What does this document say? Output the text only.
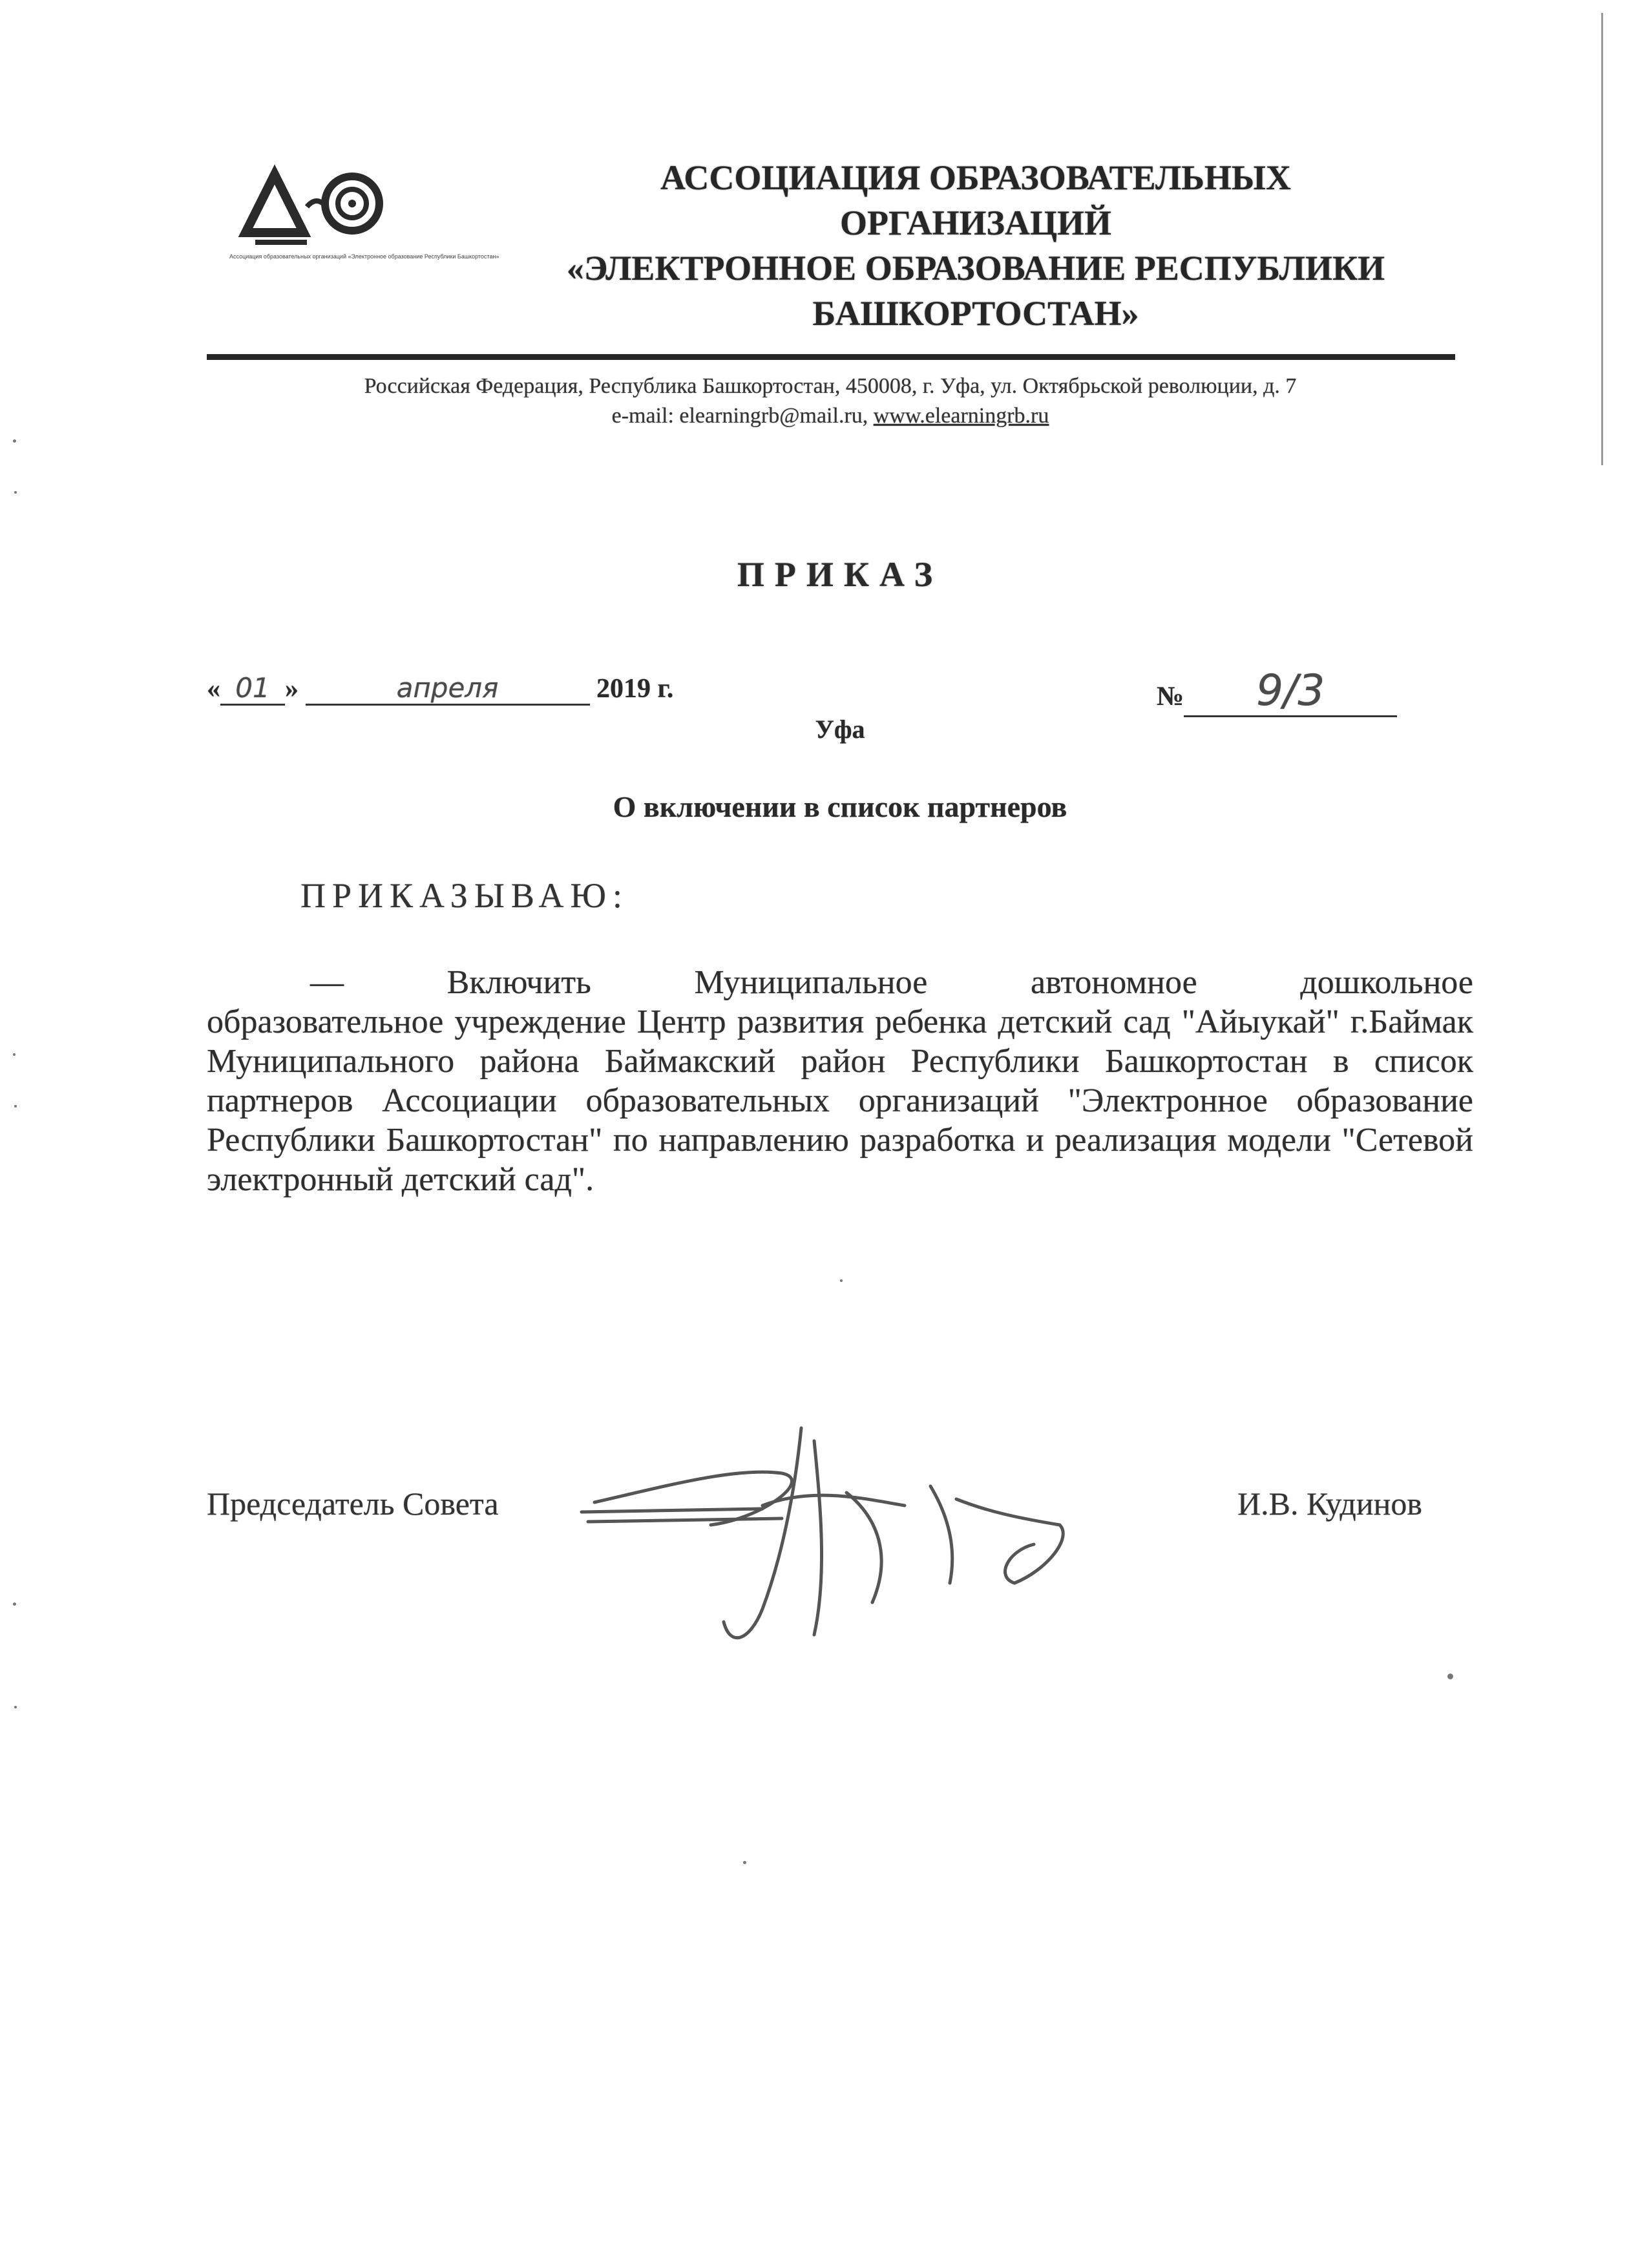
Ассоциация образовательных организаций «Электронное образование Республики Башкортостан»
АССОЦИАЦИЯ ОБРАЗОВАТЕЛЬНЫХ
ОРГАНИЗАЦИЙ
«ЭЛЕКТРОННОЕ ОБРАЗОВАНИЕ РЕСПУБЛИКИ
БАШКОРТОСТАН»
Российская Федерация, Республика Башкортостан, 450008, г. Уфа, ул. Октябрьской революции, д. 7
e-mail: elearningrb@mail.ru, www.elearningrb.ru
ПРИКАЗ
« 01 »	апреля	2019 г.	№ 9/3
Уфа
О включении в список партнеров
ПРИКАЗЫВАЮ:
— Включить Муниципальное автономное дошкольное
образовательное учреждение Центр развития ребенка детский сад "Айыукай" г.Баймак Муниципального района Баймакский район Республики Башкортостан в список партнеров Ассоциации образовательных организаций "Электронное образование Республики Башкортостан" по направлению разработка и реализация модели "Сетевой электронный детский сад".
Председатель Совета	И.В. Кудинов
